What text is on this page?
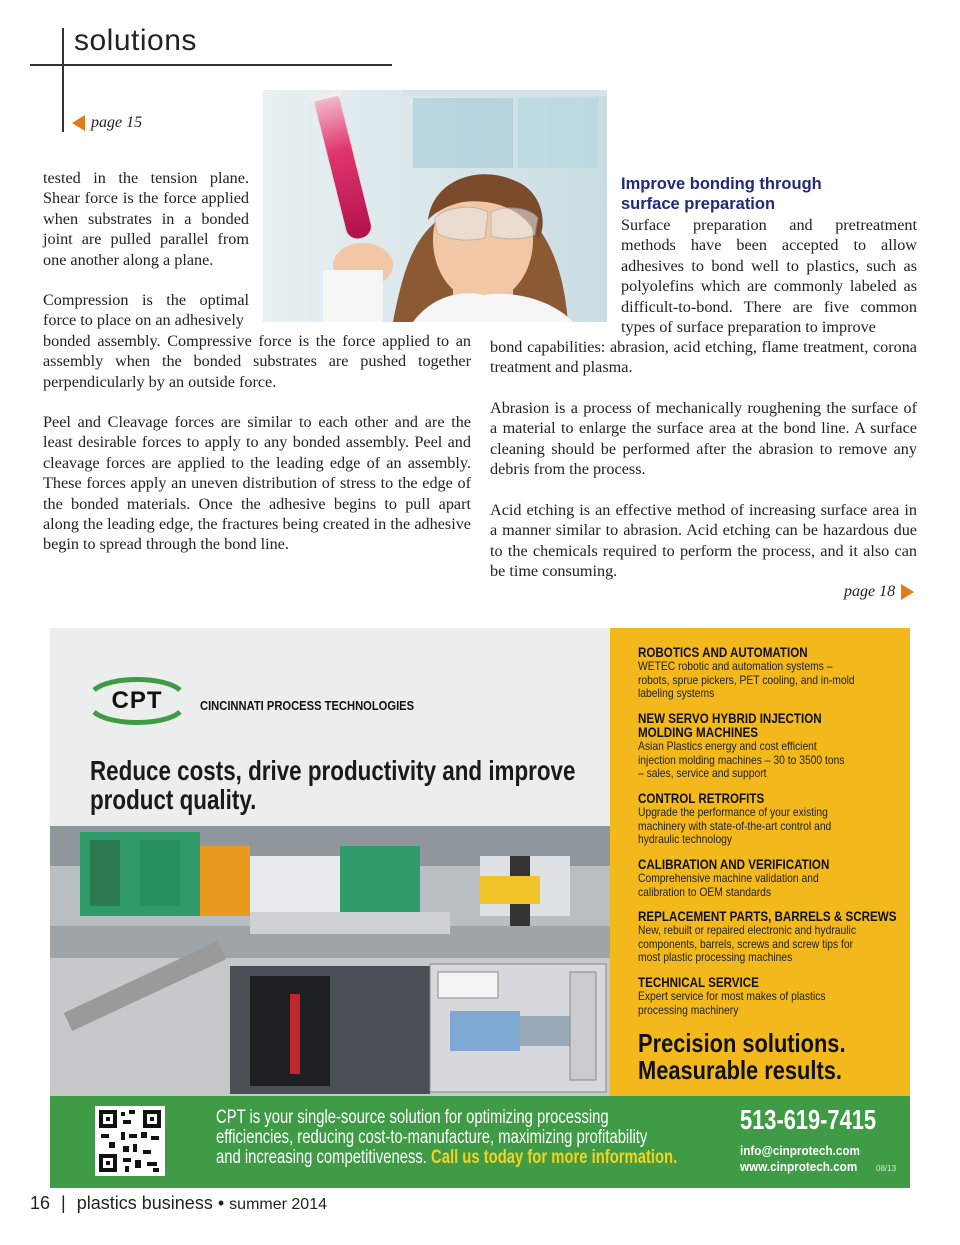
solutions
page 15

tested in the tension plane. Shear force is the force applied when substrates in a bonded joint are pulled parallel from one another along a plane.

Compression is the optimal force to place on an adhesively

bonded assembly. Compressive force is the force applied to an assembly when the bonded substrates are pushed together perpendicularly by an outside force.

Peel and Cleavage forces are similar to each other and are the least desirable forces to apply to any bonded assembly. Peel and cleavage forces are applied to the leading edge of an assembly. These forces apply an uneven distribution of stress to the edge of the bonded materials. Once the adhesive begins to pull apart along the leading edge, the fractures being created in the adhesive begin to spread through the bond line.

Improve bonding through

surface preparation

Surface preparation and pretreatment methods have been accepted to allow adhesives to bond well to plastics, such as polyolefins which are commonly labeled as difficult-to-bond. There are five common types of surface preparation to improve

bond capabilities: abrasion, acid etching, flame treatment, corona treatment and plasma.

Abrasion is a process of mechanically roughening the surface of a material to enlarge the surface area at the bond line. A surface cleaning should be performed after the abrasion to remove any debris from the process.

Acid etching is an effective method of increasing surface area in a manner similar to abrasion. Acid etching can be hazardous due to the chemicals required to perform the process, and it also can be time consuming.

page 18
CPT	CINCINNATI PROCESS TECHNOLOGIES
Reduce costs, drive productivity and improve
product quality.

ROBOTICS AND AUTOMATION

WETEC robotic and automation systems –

robots, sprue pickers, PET cooling, and in-mold

labeling systems

NEW SERVO HYBRID INJECTION

MOLDING MACHINES

Asian Plastics energy and cost efficient

injection molding machines – 30 to 3500 tons

– sales, service and support

CONTROL RETROFITS

Upgrade the performance of your existing

machinery with state-of-the-art control and

hydraulic technology

CALIBRATION AND VERIFICATION

Comprehensive machine validation and

calibration to OEM standards

REPLACEMENT PARTS, BARRELS & SCREWS

New, rebuilt or repaired electronic and hydraulic

components, barrels, screws and screw tips for

most plastic processing machines

TECHNICAL SERVICE

Expert service for most makes of plastics

processing machinery

Precision solutions.
Measurable results.
CPT is your single-source solution for optimizing processing
efficiencies, reducing cost-to-manufacture, maximizing profitability
and increasing competitiveness. Call us today for more information.
513-619-7415
info@cinprotech.com
www.cinprotech.com 08/13
16 | plastics business • summer 2014
